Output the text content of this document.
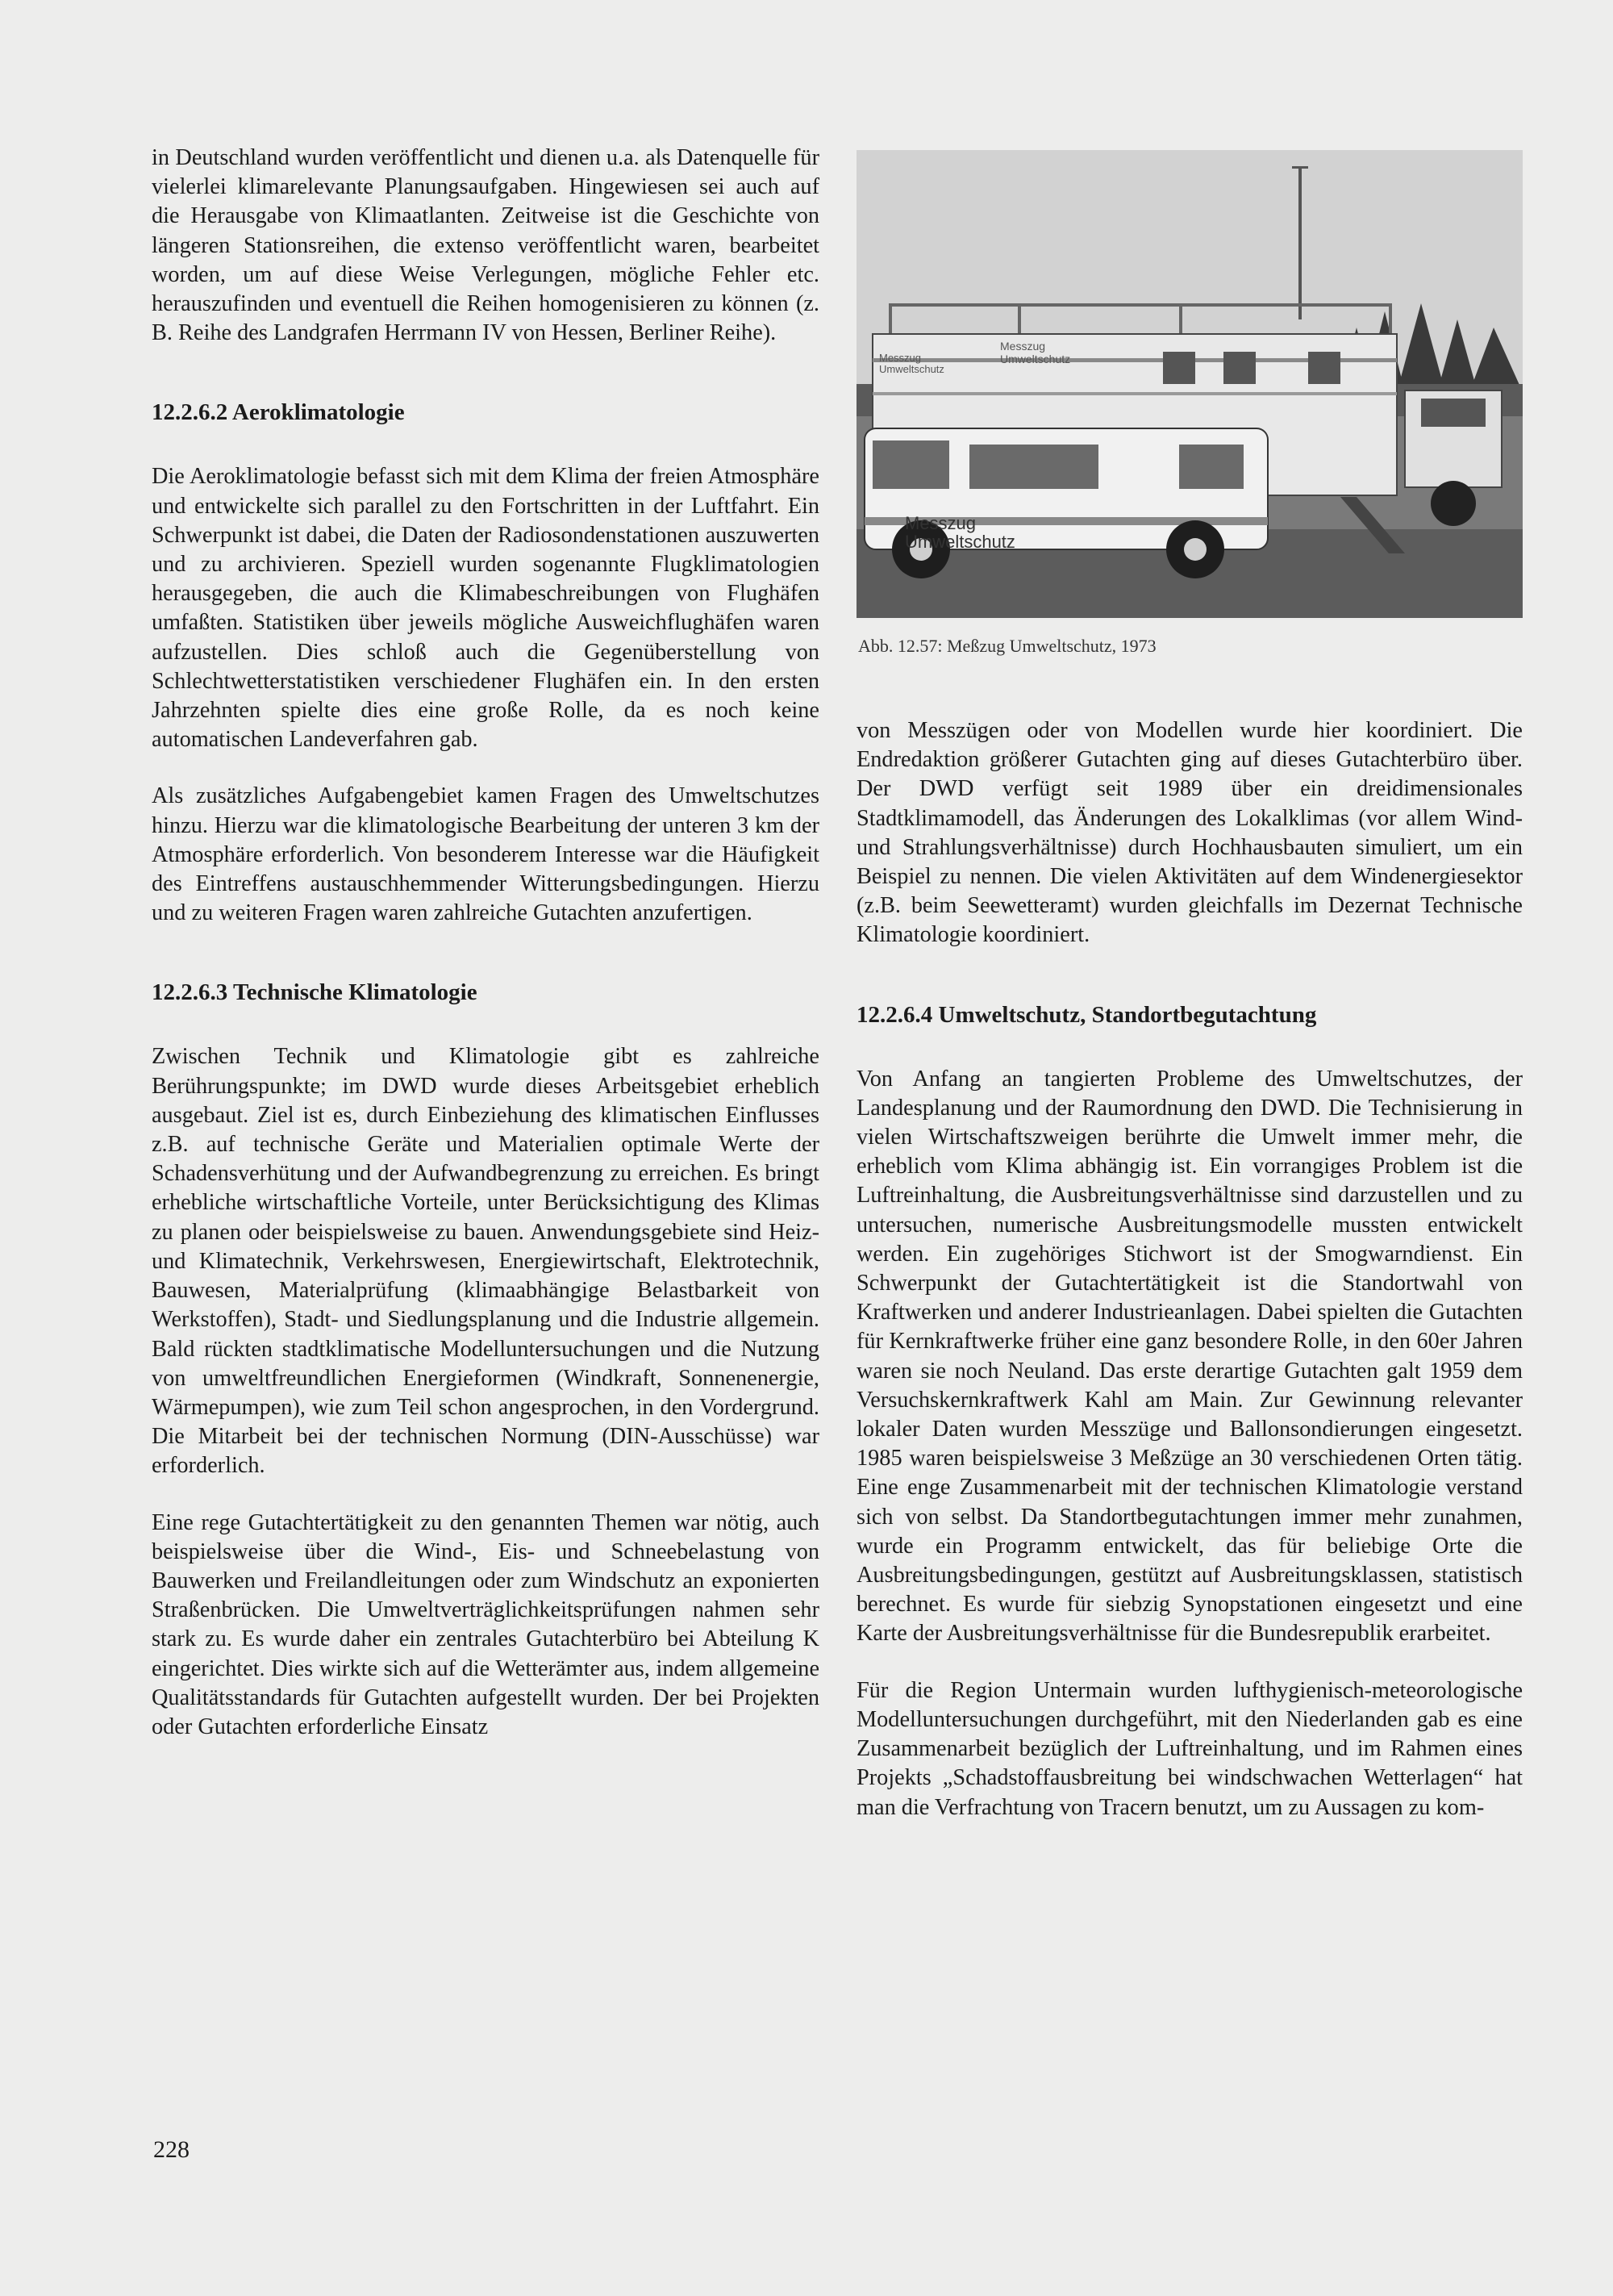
in Deutschland wurden veröffentlicht und dienen u.a. als Datenquelle für vielerlei klimarelevante Planungsaufgaben. Hingewiesen sei auch auf die Herausgabe von Klimaatlanten. Zeitweise ist die Geschichte von längeren Stationsreihen, die extenso veröffentlicht waren, bearbeitet worden, um auf diese Weise Verlegungen, mögliche Fehler etc. herauszufinden und eventuell die Reihen homogenisieren zu können (z. B. Reihe des Landgrafen Herrmann IV von Hessen, Berliner Reihe).

12.2.6.2 Aeroklimatologie

Die Aeroklimatologie befasst sich mit dem Klima der freien Atmosphäre und entwickelte sich parallel zu den Fortschritten in der Luftfahrt. Ein Schwerpunkt ist dabei, die Daten der Radiosondenstationen auszuwerten und zu archivieren. Speziell wurden sogenannte Flugklimatologien herausgegeben, die auch die Klimabeschreibungen von Flughäfen umfaßten. Statistiken über jeweils mögliche Ausweichflughäfen waren aufzustellen. Dies schloß auch die Gegenüberstellung von Schlechtwetterstatistiken verschiedener Flughäfen ein. In den ersten Jahrzehnten spielte dies eine große Rolle, da es noch keine automatischen Landeverfahren gab.

Als zusätzliches Aufgabengebiet kamen Fragen des Umweltschutzes hinzu. Hierzu war die klimatologische Bearbeitung der unteren 3 km der Atmosphäre erforderlich. Von besonderem Interesse war die Häufigkeit des Eintreffens austauschhemmender Witterungsbedingungen. Hierzu und zu weiteren Fragen waren zahlreiche Gutachten anzufertigen.

12.2.6.3 Technische Klimatologie

Zwischen Technik und Klimatologie gibt es zahlreiche Berührungspunkte; im DWD wurde dieses Arbeitsgebiet erheblich ausgebaut. Ziel ist es, durch Einbeziehung des klimatischen Einflusses z.B. auf technische Geräte und Materialien optimale Werte der Schadensverhütung und der Aufwandbegrenzung zu erreichen. Es bringt erhebliche wirtschaftliche Vorteile, unter Berücksichtigung des Klimas zu planen oder beispielsweise zu bauen. Anwendungsgebiete sind Heiz- und Klimatechnik, Verkehrswesen, Energiewirtschaft, Elektrotechnik, Bauwesen, Materialprüfung (klimaabhängige Belastbarkeit von Werkstoffen), Stadt- und Siedlungsplanung und die Industrie allgemein. Bald rückten stadtklimatische Modelluntersuchungen und die Nutzung von umweltfreundlichen Energieformen (Windkraft, Sonnenenergie, Wärmepumpen), wie zum Teil schon angesprochen, in den Vordergrund. Die Mitarbeit bei der technischen Normung (DIN-Ausschüsse) war erforderlich.

Eine rege Gutachtertätigkeit zu den genannten Themen war nötig, auch beispielsweise über die Wind-, Eis- und Schneebelastung von Bauwerken und Freilandleitungen oder zum Windschutz an exponierten Straßenbrücken. Die Umweltverträglichkeitsprüfungen nahmen sehr stark zu. Es wurde daher ein zentrales Gutachterbüro bei Abteilung K eingerichtet. Dies wirkte sich auf die Wetterämter aus, indem allgemeine Qualitätsstandards für Gutachten aufgestellt wurden. Der bei Projekten oder Gutachten erforderliche Einsatz

Messzug
Umweltschutz
Messzug
Umweltschutz
Messzug
Umweltschutz
Abb. 12.57: Meßzug Umweltschutz, 1973

von Messzügen oder von Modellen wurde hier koordiniert. Die Endredaktion größerer Gutachten ging auf dieses Gutachterbüro über. Der DWD verfügt seit 1989 über ein dreidimensionales Stadtklimamodell, das Änderungen des Lokalklimas (vor allem Wind- und Strahlungsverhältnisse) durch Hochhausbauten simuliert, um ein Beispiel zu nennen. Die vielen Aktivitäten auf dem Windenergiesektor (z.B. beim Seewetteramt) wurden gleichfalls im Dezernat Technische Klimatologie koordiniert.

12.2.6.4 Umweltschutz, Standortbegutachtung

Von Anfang an tangierten Probleme des Umweltschutzes, der Landesplanung und der Raumordnung den DWD. Die Technisierung in vielen Wirtschaftszweigen berührte die Umwelt immer mehr, die erheblich vom Klima abhängig ist. Ein vorrangiges Problem ist die Luftreinhaltung, die Ausbreitungsverhältnisse sind darzustellen und zu untersuchen, numerische Ausbreitungsmodelle mussten entwickelt werden. Ein zugehöriges Stichwort ist der Smogwarndienst. Ein Schwerpunkt der Gutachtertätigkeit ist die Standortwahl von Kraftwerken und anderer Industrieanlagen. Dabei spielten die Gutachten für Kernkraftwerke früher eine ganz besondere Rolle, in den 60er Jahren waren sie noch Neuland. Das erste derartige Gutachten galt 1959 dem Versuchskernkraftwerk Kahl am Main. Zur Gewinnung relevanter lokaler Daten wurden Messzüge und Ballonsondierungen eingesetzt. 1985 waren beispielsweise 3 Meßzüge an 30 verschiedenen Orten tätig. Eine enge Zusammenarbeit mit der technischen Klimatologie verstand sich von selbst. Da Standortbegutachtungen immer mehr zunahmen, wurde ein Programm entwickelt, das für beliebige Orte die Ausbreitungsbedingungen, gestützt auf Ausbreitungsklassen, statistisch berechnet. Es wurde für siebzig Synopstationen eingesetzt und eine Karte der Ausbreitungsverhältnisse für die Bundesrepublik erarbeitet.

Für die Region Untermain wurden lufthygienisch-meteorologische Modelluntersuchungen durchgeführt, mit den Niederlanden gab es eine Zusammenarbeit bezüglich der Luftreinhaltung, und im Rahmen eines Projekts „Schadstoffausbreitung bei windschwachen Wetterlagen“ hat man die Verfrachtung von Tracern benutzt, um zu Aussagen zu kom-

228
